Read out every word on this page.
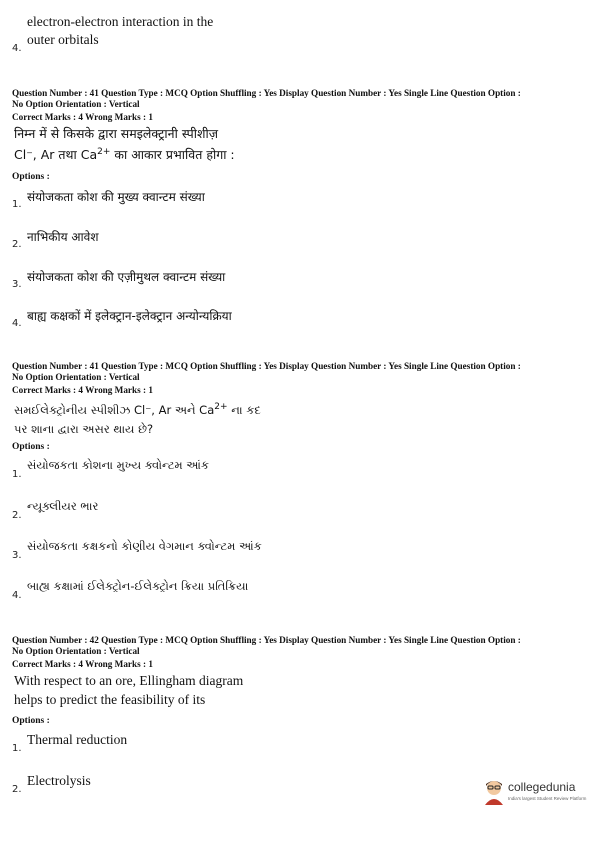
electron-electron interaction in the
4.
outer orbitals
Question Number : 41 Question Type : MCQ Option Shuffling : Yes Display Question Number : Yes Single Line Question Option :
No Option Orientation : Vertical
Correct Marks : 4 Wrong Marks : 1
निम्न में से किसके द्वारा समइलेक्ट्रानी स्पीशीज़
Cl⁻, Ar तथा $Ca^{2+}$ का आकार प्रभावित होगा :
Options :
1.
संयोजकता कोश की मुख्य क्वान्टम संख्या
2.
नाभिकीय आवेश
3.
संयोजकता कोश की एज़ीमुथल क्वान्टम संख्या
4.
बाह्य कक्षकों में इलेक्ट्रान-इलेक्ट्रान अन्योन्यक्रिया
Question Number : 41 Question Type : MCQ Option Shuffling : Yes Display Question Number : Yes Single Line Question Option :
No Option Orientation : Vertical
Correct Marks : 4 Wrong Marks : 1
સમઈલેક્ટ્રોનીય સ્પીશીઝ Cl⁻, Ar અને $Ca^{2+}$ ના કદ
પર શાના દ્વારા અસર થાય છે?
Options :
1.
સંયોજકતા કોશના મુખ્ય ક્વોન્ટમ આંક
2.
ન્યૂક્લીયર ભાર
3.
સંયોજકતા કક્ષકનો કોણીય વેગમાન ક્વોન્ટમ આંક
4.
બાહ્ય કક્ષામાં ઈલેક્ટ્રોન-ઈલેક્ટ્રોન ક્રિયા પ્રતિક્રિયા
Question Number : 42 Question Type : MCQ Option Shuffling : Yes Display Question Number : Yes Single Line Question Option :
No Option Orientation : Vertical
Correct Marks : 4 Wrong Marks : 1
With respect to an ore, Ellingham diagram
helps to predict the feasibility of its
Options :
1.
Thermal reduction
2.
Electrolysis	collegedunia
India's largest Student Review Platform
